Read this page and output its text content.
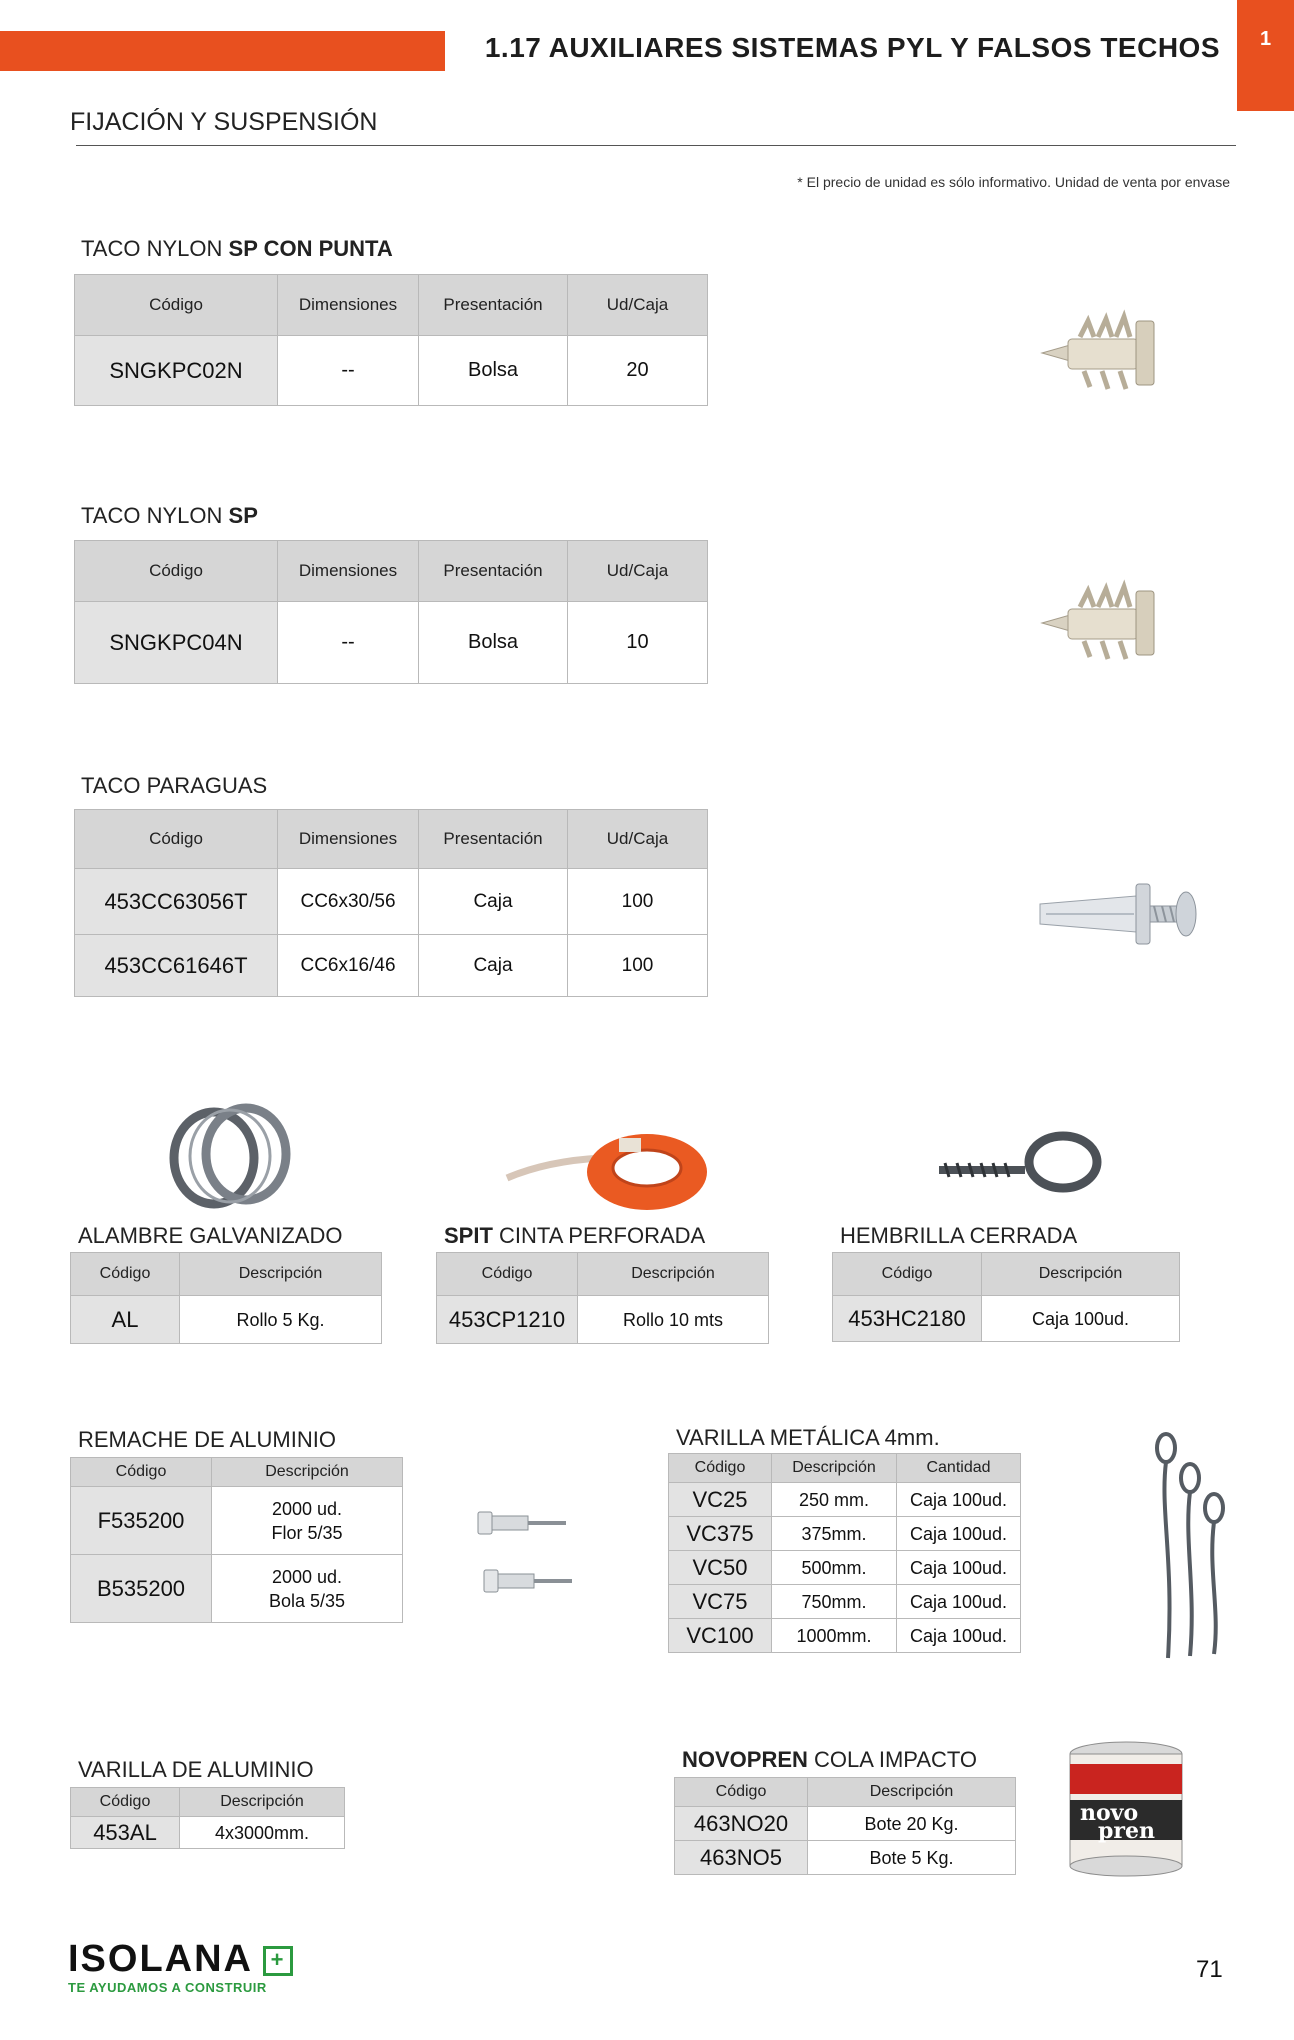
1.17 AUXILIARES SISTEMAS PYL Y FALSOS TECHOS	1
FIJACIÓN Y SUSPENSIÓN
* El precio de unidad es sólo informativo. Unidad de venta por envase
TACO NYLON SP CON PUNTA
Código	Dimensiones	Presentación	Ud/Caja
SNGKPC02N	--	Bolsa	20
TACO NYLON SP
Código	Dimensiones	Presentación	Ud/Caja
SNGKPC04N	--	Bolsa	10
TACO PARAGUAS
Código	Dimensiones	Presentación	Ud/Caja
453CC63056T	CC6x30/56	Caja	100
453CC61646T	CC6x16/46	Caja	100
ALAMBRE GALVANIZADO
Código	Descripción
AL	Rollo 5 Kg.
SPIT CINTA PERFORADA
Código	Descripción
453CP1210	Rollo 10 mts
HEMBRILLA CERRADA
Código	Descripción
453HC2180	Caja 100ud.
REMACHE DE ALUMINIO
Código	Descripción
F535200	2000 ud.
Flor 5/35

B535200	2000 ud.
Bola 5/35
VARILLA METÁLICA 4mm.
Código	Descripción	Cantidad
VC25	250 mm.	Caja 100ud.
VC375	375mm.	Caja 100ud.
VC50	500mm.	Caja 100ud.
VC75	750mm.	Caja 100ud.
VC100	1000mm.	Caja 100ud.
VARILLA DE ALUMINIO
Código	Descripción
453AL	4x3000mm.
NOVOPREN COLA IMPACTO
Código	Descripción
463NO20	Bote 20 Kg.
463NO5	Bote 5 Kg.
novo
pren
ISOLANA +
TE AYUDAMOS A CONSTRUIR
71
